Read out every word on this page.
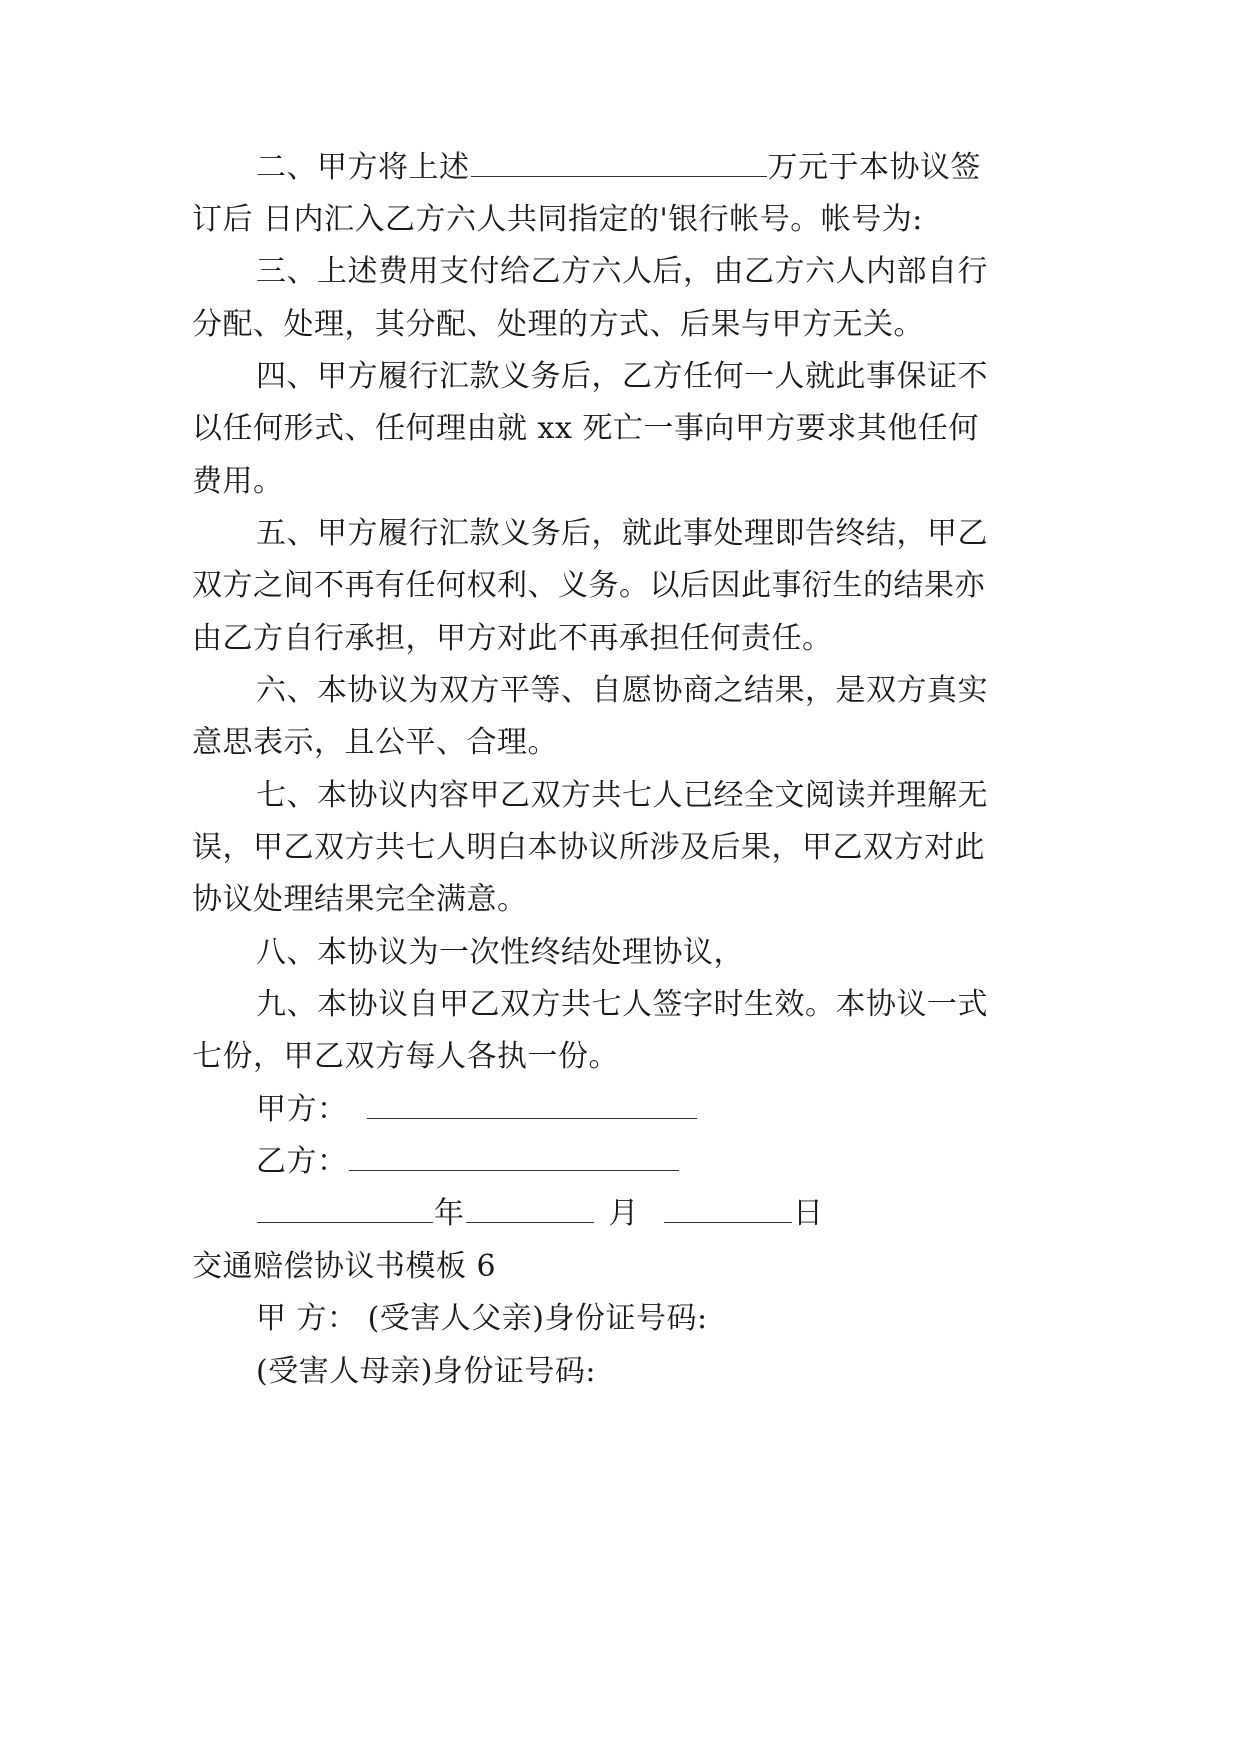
二、甲方将上述	万元于本协议签
订后 日内汇入乙方六人共同指定的'银行帐号。帐号为:
三、上述费用支付给乙方六人后，由乙方六人内部自行
分配、处理，其分配、处理的方式、后果与甲方无关。
四、甲方履行汇款义务后，乙方任何一人就此事保证不
以任何形式、任何理由就 xx 死亡一事向甲方要求其他任何
费用。
五、甲方履行汇款义务后，就此事处理即告终结，甲乙
双方之间不再有任何权利、义务。以后因此事衍生的结果亦
由乙方自行承担，甲方对此不再承担任何责任。
六、本协议为双方平等、自愿协商之结果，是双方真实
意思表示，且公平、合理。
七、本协议内容甲乙双方共七人已经全文阅读并理解无
误，甲乙双方共七人明白本协议所涉及后果，甲乙双方对此
协议处理结果完全满意。
八、本协议为一次性终结处理协议，
九、本协议自甲乙双方共七人签字时生效。本协议一式
七份，甲乙双方每人各执一份。
甲方：
乙方：
年	月	日
交通赔偿协议书模板 6
甲 方： (受害人父亲)身份证号码:
(受害人母亲)身份证号码:
